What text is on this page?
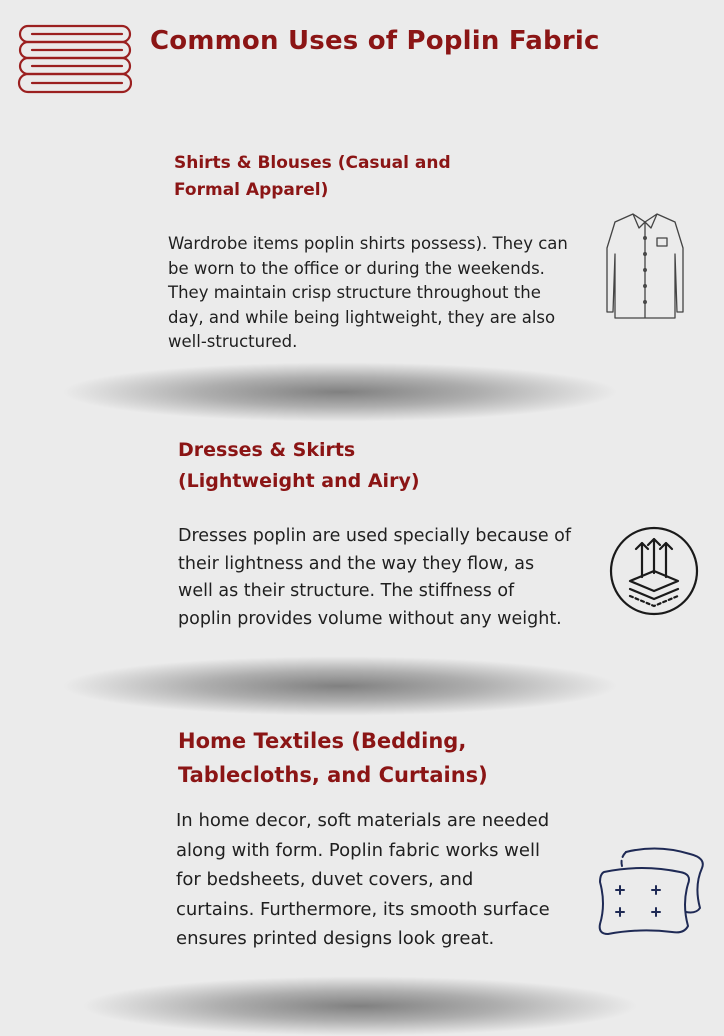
Common Uses of Poplin Fabric
Shirts & Blouses (Casual and Formal Apparel)
Wardrobe items poplin shirts possess). They can be worn to the office or during the weekends. They maintain crisp structure throughout the day, and while being lightweight, they are also well-structured.
Dresses & Skirts (Lightweight and Airy)
Dresses poplin are used specially because of their lightness and the way they flow, as well as their structure. The stiffness of poplin provides volume without any weight.
Home Textiles (Bedding, Tablecloths, and Curtains)
In home decor, soft materials are needed along with form. Poplin fabric works well for bedsheets, duvet covers, and curtains. Furthermore, its smooth surface ensures printed designs look great.
